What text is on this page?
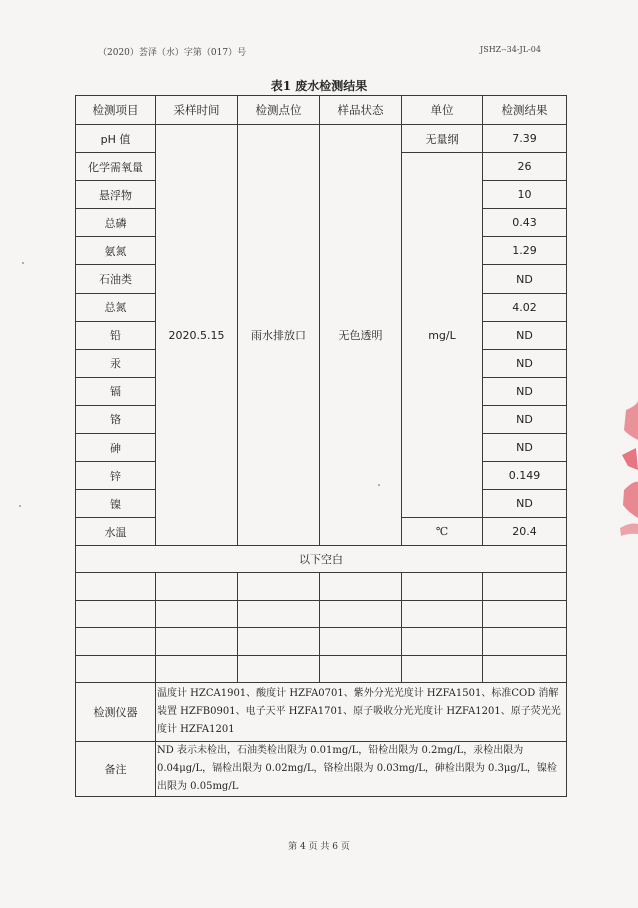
（2020）荟泽（水）字第（017）号	JSHZ--34-JL-04
表1 废水检测结果
检测项目	采样时间	检测点位	样品状态	单位	检测结果
pH 值	2020.5.15	雨水排放口	无色透明	无量纲	7.39
化学需氧量				mg/L	26
悬浮物					10
总磷					0.43
氨氮					1.29
石油类					ND
总氮					4.02
铅					ND
汞					ND
镉					ND
铬					ND
砷					ND
锌					0.149
镍					ND
水温				℃	20.4
以下空白					

检测仪器	温度计 HZCA1901、酸度计 HZFA0701、紫外分光光度计 HZFA1501、标准COD 消解装置 HZFB0901、电子天平 HZFA1701、原子吸收分光光度计 HZFA1201、原子荧光光度计 HZFA1201				
备注	ND 表示未检出，石油类检出限为 0.01mg/L，铅检出限为 0.2mg/L，汞检出限为 0.04μg/L，镉检出限为 0.02mg/L，铬检出限为 0.03mg/L，砷检出限为 0.3μg/L，镍检出限为 0.05mg/L				
第 4 页 共 6 页
